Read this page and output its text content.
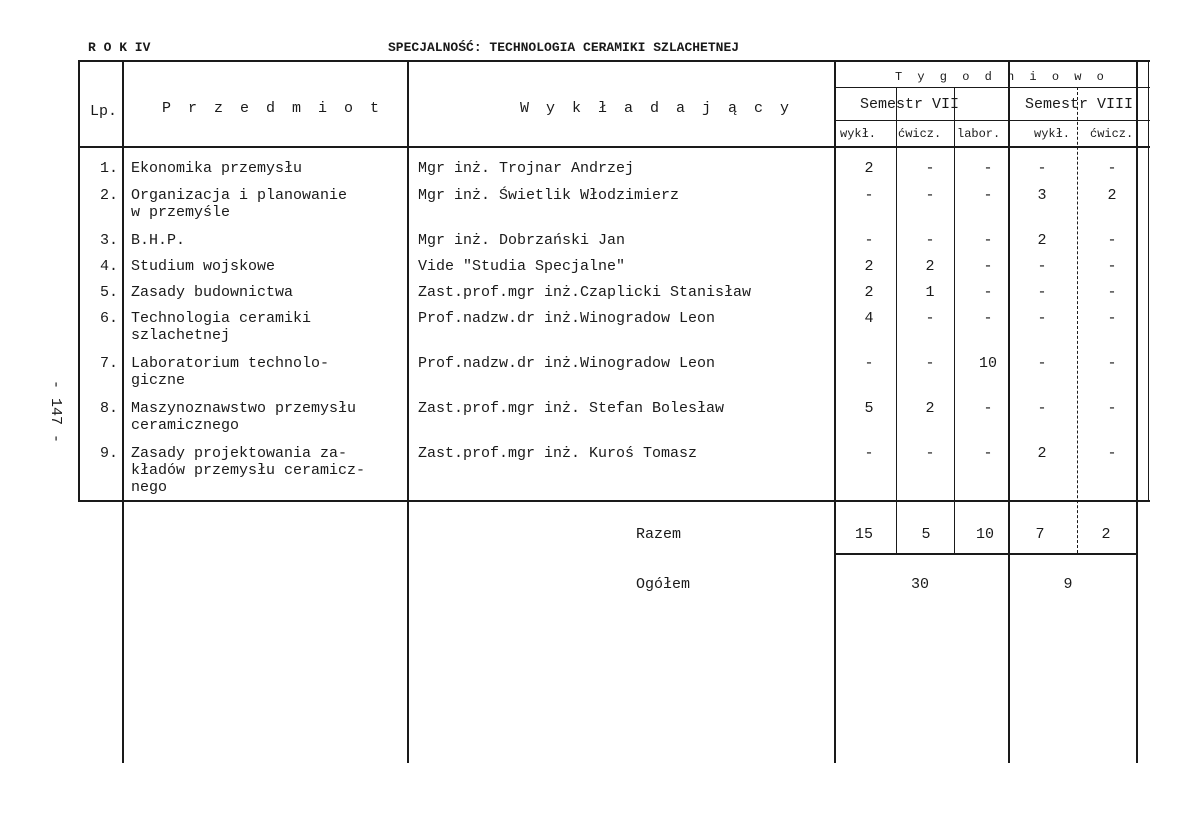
R O K IV	SPECJALNOŚĆ: TECHNOLOGIA CERAMIKI SZLACHETNEJ
- 147 -
Lp.	P r z e d m i o t	W y k ł a d a j ą c y
T y g o d n i o w o
Semestr VII	Semestr VIII
wykł. ćwicz. labor.	wykł. ćwicz.
1. Ekonomika przemysłu	Mgr inż. Trojnar Andrzej	2	-	-	-	-
2. Organizacja i planowanie
w przemyśle
Mgr inż. Świetlik Włodzimierz	-	-	-	3	2
3. B.H.P.	Mgr inż. Dobrzański Jan	-	-	-	2	-
4. Studium wojskowe	Vide "Studia Specjalne"	2	2	-	-	-
5. Zasady budownictwa	Zast.prof.mgr inż.Czaplicki Stanisław	2	1	-	-	-
6. Technologia ceramiki
szlachetnej
Prof.nadzw.dr inż.Winogradow Leon	4	-	-	-	-
7. Laboratorium technolo-
giczne
Prof.nadzw.dr inż.Winogradow Leon	-	-	10	-	-
8. Maszynoznawstwo przemysłu
ceramicznego
Zast.prof.mgr inż. Stefan Bolesław	5	2	-	-	-
9. Zasady projektowania za-
kładów przemysłu ceramicz-
nego
Zast.prof.mgr inż. Kuroś Tomasz	-	-	-	2	-
Razem	15	5	10	7	2
Ogółem	30	9
